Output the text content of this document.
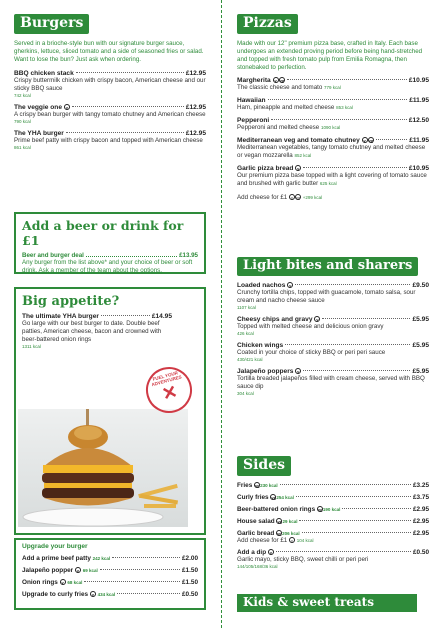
Burgers
Served in a brioche-style bun with our signature burger sauce, gherkins, lettuce, sliced tomato and a side of seasoned fries or salad. Want to lose the bun? Just ask when ordering.
BBQ chicken stack	£12.95
Crispy buttermilk chicken with crispy bacon, American cheese and our sticky BBQ sauce
742 kcal
The veggie one
v	£12.95
A crispy bean burger with tangy tomato chutney and American cheese
790 kcal
The YHA burger	£12.95
Prime beef patty with crispy bacon and topped with American cheese
861 kcal
Add a beer or drink for £1
Beer and burger deal	£13.95
Any burger from the list above* and your choice of beer or soft drink. Ask a member of the team about the options.
Big appetite?
The ultimate YHA burger	£14.95
Go large with our best burger to date. Double beef patties, American cheese, bacon and crowned with beer-battered onion rings
1311 kcal
FUEL YOUR ADVENTURES
✕
Upgrade your burger
Add a prime beef patty
242 kcal	£2.00
Jalapeño popper
v
69 kcal	£1.50
Onion rings
v
68 kcal	£1.50
Upgrade to curly fries
v
434 kcal	£0.50
Pizzas
Made with our 12" premium pizza base, crafted in Italy. Each base undergoes an extended proving period before being hand-stretched and topped with fresh tomato pulp from Emilia Romagna, then stonebaked to perfection.
Margherita
v vg	£10.95
The classic cheese and tomato 779 kcal
Hawaiian	£11.95
Ham, pineapple and melted cheese 853 kcal
Pepperoni	£12.50
Pepperoni and melted cheese 1090 kcal
Mediterranean veg and tomato chutney
v vg	£11.95
Mediterranean vegetables, tangy tomato chutney and melted cheese or vegan mozzarella 852 kcal
Garlic pizza bread
v	£10.95
Our premium pizza base topped with a light covering of tomato sauce and brushed with garlic butter 625 kcal
Add cheese for £1 v vg +299 kcal
Light bites and sharers
Loaded nachos
v	£9.50
Crunchy tortilla chips, topped with guacamole, tomato salsa, sour cream and nacho cheese sauce
1107 kcal
Cheesy chips and gravy
v	£5.95
Topped with melted cheese and delicious onion gravy
426 kcal
Chicken wings	£5.95
Coated in your choice of sticky BBQ or peri peri sauce
430/421 kcal
Jalapeño poppers
v	£5.95
Tortilla breaded jalapeños filled with cream cheese, served with BBQ sauce dip
304 kcal
Sides
Fries
vg 230 kcal	£3.25
Curly fries
vg 254 kcal	£3.75
Beer-battered onion rings
vg 190 kcal	£2.95
House salad
vg 29 kcal	£2.95
Garlic bread
vg 206 kcal	£2.95
Add cheese for £1 v 104 kcal
Add a dip
v	£0.50
Garlic mayo, sticky BBQ, sweet chilli or peri peri
144/105/168/36 kcal
Kids & sweet treats
